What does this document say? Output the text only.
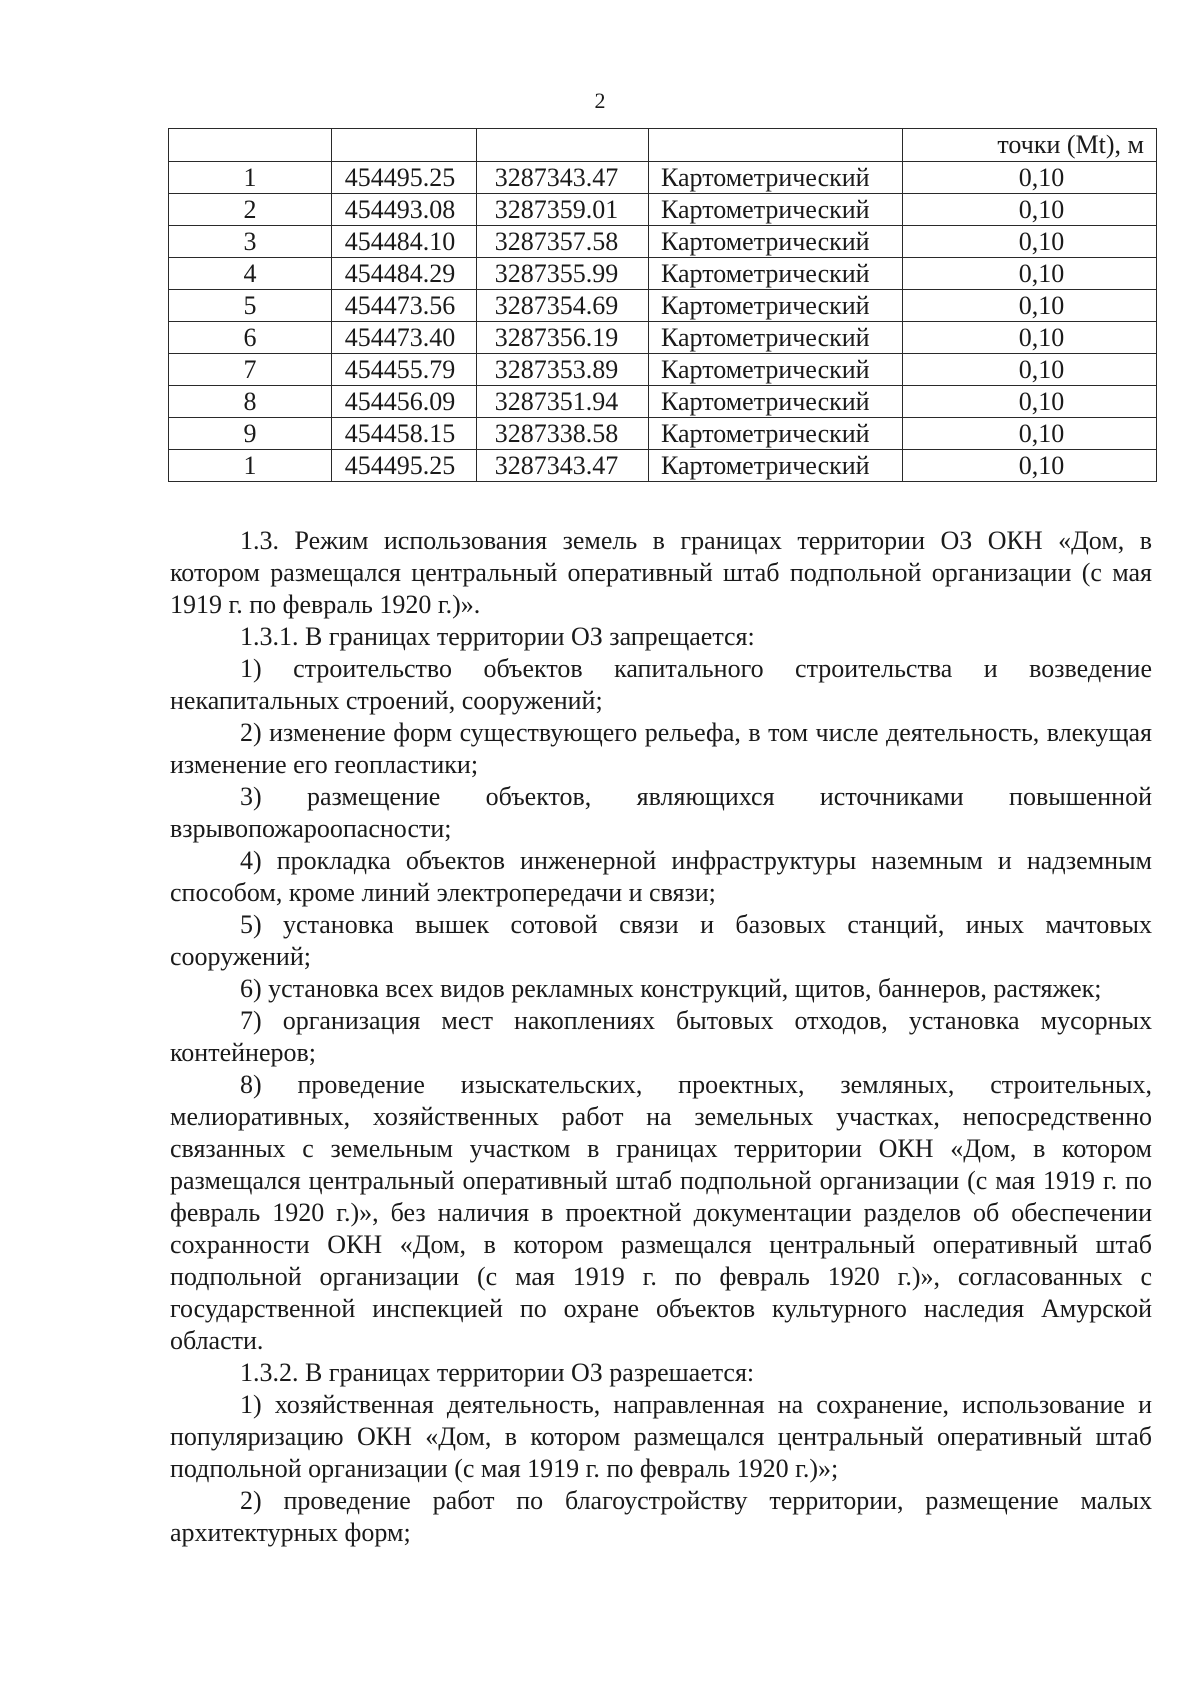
2
				точки (Mt), м
1	454495.25	3287343.47	Картометрический	0,10
2	454493.08	3287359.01	Картометрический	0,10
3	454484.10	3287357.58	Картометрический	0,10
4	454484.29	3287355.99	Картометрический	0,10
5	454473.56	3287354.69	Картометрический	0,10
6	454473.40	3287356.19	Картометрический	0,10
7	454455.79	3287353.89	Картометрический	0,10
8	454456.09	3287351.94	Картометрический	0,10
9	454458.15	3287338.58	Картометрический	0,10
1	454495.25	3287343.47	Картометрический	0,10

1.3. Режим использования земель в границах территории ОЗ ОКН «Дом, в котором размещался центральный оперативный штаб подпольной организации (с мая 1919 г. по февраль 1920 г.)».

1.3.1. В границах территории ОЗ запрещается:

1) строительство объектов капитального строительства и возведение некапитальных строений, сооружений;

2) изменение форм существующего рельефа, в том числе деятельность, влекущая изменение его геопластики;

3) размещение объектов, являющихся источниками повышенной взрывопожароопасности;

4) прокладка объектов инженерной инфраструктуры наземным и надземным способом, кроме линий электропередачи и связи;

5) установка вышек сотовой связи и базовых станций, иных мачтовых сооружений;

6) установка всех видов рекламных конструкций, щитов, баннеров, растяжек;

7) организация мест накоплениях бытовых отходов, установка мусорных контейнеров;

8) проведение изыскательских, проектных, земляных, строительных, мелиоративных, хозяйственных работ на земельных участках, непосредственно связанных с земельным участком в границах территории ОКН «Дом, в котором размещался центральный оперативный штаб подпольной организации (с мая 1919 г. по февраль 1920 г.)», без наличия в проектной документации разделов об обеспечении сохранности ОКН «Дом, в котором размещался центральный оперативный штаб подпольной организации (с мая 1919 г. по февраль 1920 г.)», согласованных с государственной инспекцией по охране объектов культурного наследия Амурской области.

1.3.2. В границах территории ОЗ разрешается:

1) хозяйственная деятельность, направленная на сохранение, использование и популяризацию ОКН «Дом, в котором размещался центральный оперативный штаб подпольной организации (с мая 1919 г. по февраль 1920 г.)»;

2) проведение работ по благоустройству территории, размещение малых архитектурных форм;
